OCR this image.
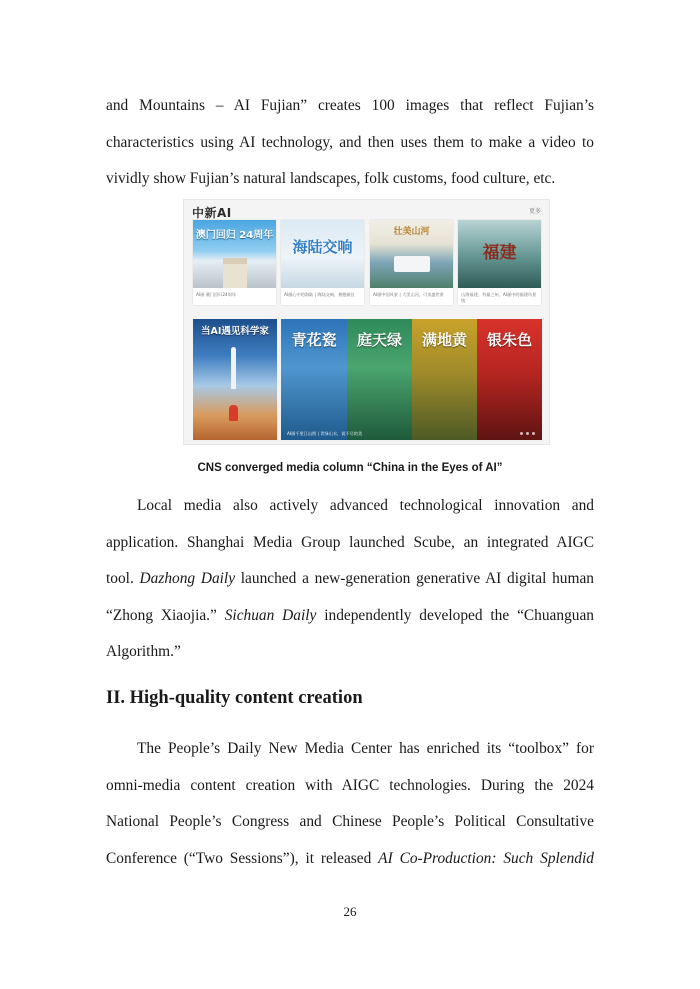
and Mountains – AI Fujian” creates 100 images that reflect Fujian’s
characteristics using AI technology, and then uses them to make a video to
vividly show Fujian’s natural landscapes, folk customs, food culture, etc.

中新AI	更多
澳门回归 24周年
AI画·澳门回归24周年
海陆交响
AI画心中的海陆 | 海陆交响，拥抱新区
壮美山河
AI画中国风景 | 大美山河，可卖盛世景
福建
山海福建，有福之州，AI画中的福建风景线
当AI遇见科学家	青花瓷	庭天绿	满地黄	银朱色
AI画千里江山图 | 青绿山水，说不尽的美
CNS converged media column “China in the Eyes of AI”

Local media also actively advanced technological innovation and
application. Shanghai Media Group launched Scube, an integrated AIGC
tool. Dazhong Daily launched a new-generation generative AI digital human
“Zhong Xiaojia.” Sichuan Daily independently developed the “Chuanguan
Algorithm.”

II. High-quality content creation

The People’s Daily New Media Center has enriched its “toolbox” for
omni-media content creation with AIGC technologies. During the 2024
National People’s Congress and Chinese People’s Political Consultative
Conference (“Two Sessions”), it released AI Co-Production: Such Splendid

26
